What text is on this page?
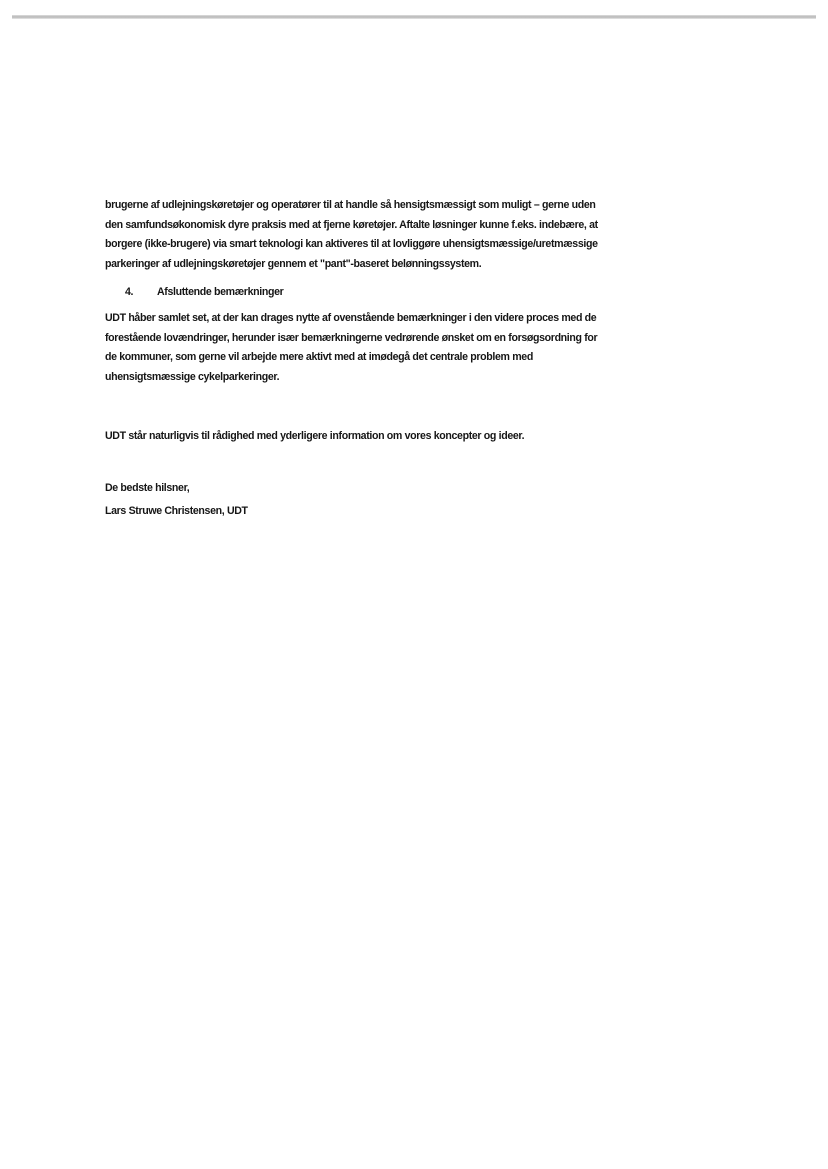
brugerne af udlejningskøretøjer og operatører til at handle så hensigtsmæssigt som muligt – gerne uden
den samfundsøkonomisk dyre praksis med at fjerne køretøjer. Aftalte løsninger kunne f.eks. indebære, at
borgere (ikke-brugere) via smart teknologi kan aktiveres til at lovliggøre uhensigtsmæssige/uretmæssige
parkeringer af udlejningskøretøjer gennem et "pant"-baseret belønningssystem.

4. Afsluttende bemærkninger

UDT håber samlet set, at der kan drages nytte af ovenstående bemærkninger i den videre proces med de
forestående lovændringer, herunder især bemærkningerne vedrørende ønsket om en forsøgsordning for
de kommuner, som gerne vil arbejde mere aktivt med at imødegå det centrale problem med
uhensigtsmæssige cykelparkeringer.

UDT står naturligvis til rådighed med yderligere information om vores koncepter og ideer.

De bedste hilsner,

Lars Struwe Christensen, UDT
